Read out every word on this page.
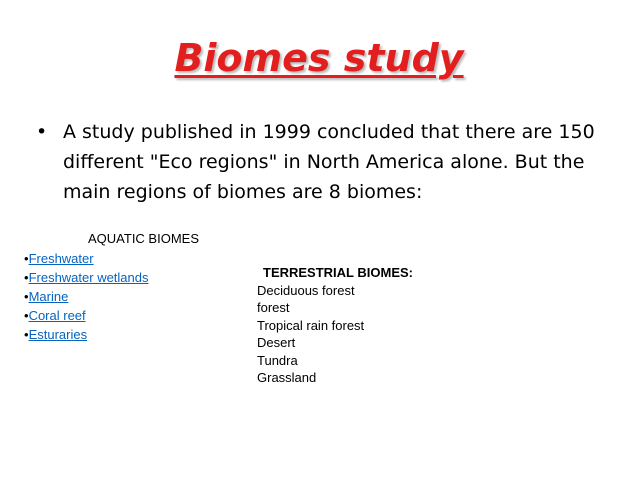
Biomes study
• A study published in 1999 concluded that there are 150 different "Eco regions" in North America alone. But the main regions of biomes are 8 biomes:
AQUATIC BIOMES
•Freshwater
•Freshwater wetlands
•Marine
•Coral reef
•Esturaries
TERRESTRIAL BIOMES:
Deciduous forest
forest
Tropical rain forest
Desert
Tundra
Grassland
